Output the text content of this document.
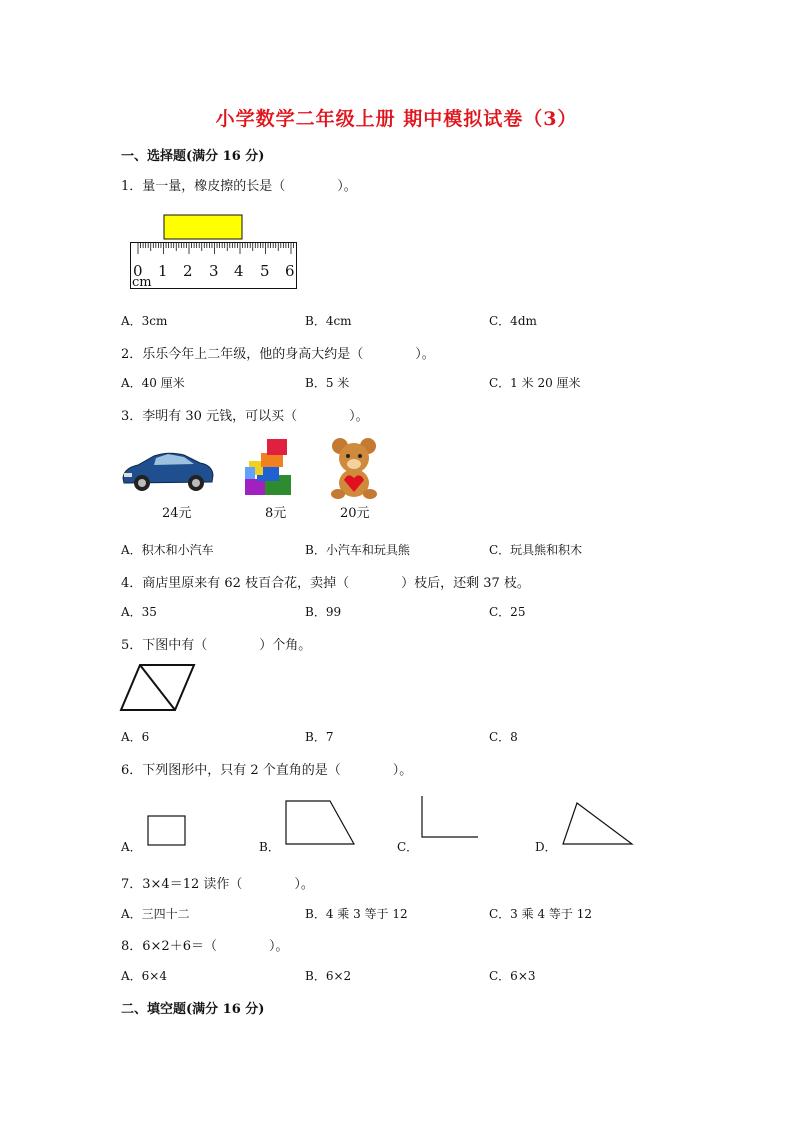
小学数学二年级上册 期中模拟试卷（3）
一、选择题(满分 16 分)
1．量一量，橡皮擦的长是（　　　　）。
0 1 2 3 4 5 6
cm
A．3cm	B．4cm	C．4dm
2．乐乐今年上二年级，他的身高大约是（　　　　）。
A．40 厘米	B．5 米	C．1 米 20 厘米
3．李明有 30 元钱，可以买（　　　　）。
24元	8元	20元
A．积木和小汽车	B．小汽车和玩具熊	C．玩具熊和积木
4．商店里原来有 62 枝百合花，卖掉（　　　　）枝后，还剩 37 枝。
A．35	B．99	C．25
5．下图中有（　　　　）个角。
A．6	B．7	C．8
6．下列图形中，只有 2 个直角的是（　　　　）。
A．	B．	C．	D．
7．3×4＝12 读作（　　　　）。
A．三四十二	B．4 乘 3 等于 12	C．3 乘 4 等于 12
8．6×2＋6＝（　　　　）。
A．6×4	B．6×2	C．6×3
二、填空题(满分 16 分)
